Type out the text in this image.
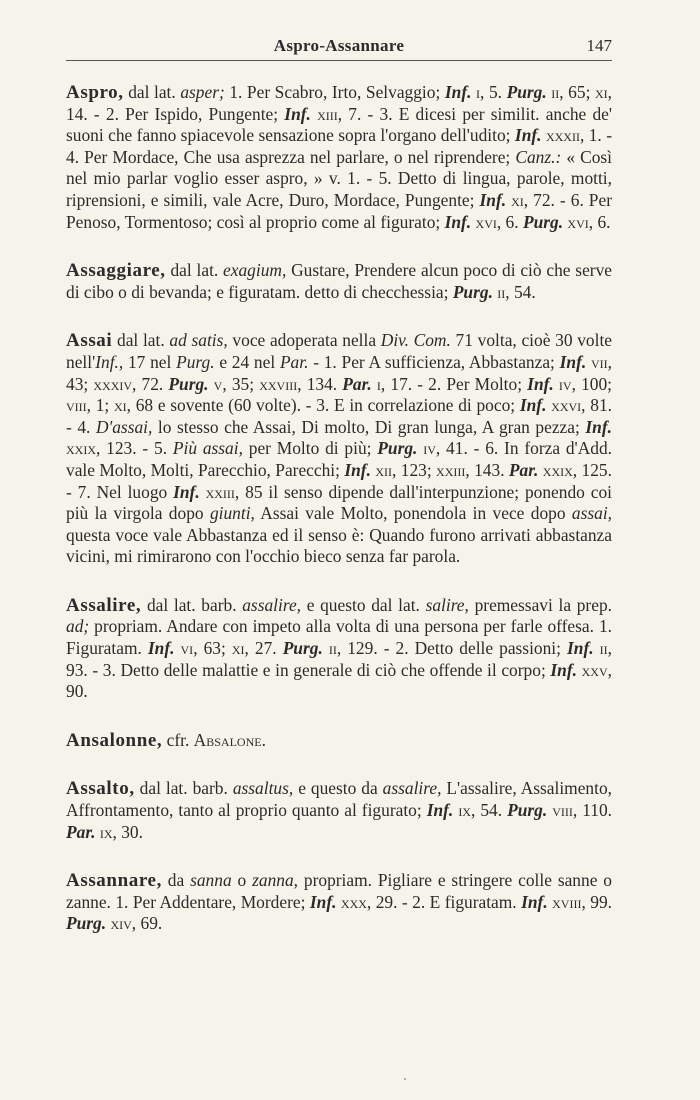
Aspro-Assannare	147

Aspro, dal lat. asper; 1. Per Scabro, Irto, Selvaggio; Inf. i, 5. Purg. ii, 65; xi, 14. - 2. Per Ispido, Pungente; Inf. xiii, 7. - 3. E dicesi per similit. anche de' suoni che fanno spiacevole sensazione sopra l'organo dell'udito; Inf. xxxii, 1. - 4. Per Mordace, Che usa asprezza nel parlare, o nel riprendere; Canz.: « Così nel mio parlar voglio esser aspro, » v. 1. - 5. Detto di lingua, parole, motti, riprensioni, e simili, vale Acre, Duro, Mordace, Pungente; Inf. xi, 72. - 6. Per Penoso, Tormentoso; così al proprio come al figurato; Inf. xvi, 6. Purg. xvi, 6.

Assaggiare, dal lat. exagium, Gustare, Prendere alcun poco di ciò che serve di cibo o di bevanda; e figuratam. detto di checchessia; Purg. ii, 54.

Assai dal lat. ad satis, voce adoperata nella Div. Com. 71 volta, cioè 30 volte nell'Inf., 17 nel Purg. e 24 nel Par. - 1. Per A sufficienza, Abbastanza; Inf. vii, 43; xxxiv, 72. Purg. v, 35; xxviii, 134. Par. i, 17. - 2. Per Molto; Inf. iv, 100; viii, 1; xi, 68 e sovente (60 volte). - 3. E in correlazione di poco; Inf. xxvi, 81. - 4. D'assai, lo stesso che Assai, Di molto, Di gran lunga, A gran pezza; Inf. xxix, 123. - 5. Più assai, per Molto di più; Purg. iv, 41. - 6. In forza d'Add. vale Molto, Molti, Parecchio, Parecchi; Inf. xii, 123; xxiii, 143. Par. xxix, 125. - 7. Nel luogo Inf. xxiii, 85 il senso dipende dall'interpunzione; ponendo coi più la virgola dopo giunti, Assai vale Molto, ponendola in vece dopo assai, questa voce vale Abbastanza ed il senso è: Quando furono arrivati abbastanza vicini, mi rimirarono con l'occhio bieco senza far parola.

Assalire, dal lat. barb. assalire, e questo dal lat. salire, premessavi la prep. ad; propriam. Andare con impeto alla volta di una persona per farle offesa. 1. Figuratam. Inf. vi, 63; xi, 27. Purg. ii, 129. - 2. Detto delle passioni; Inf. ii, 93. - 3. Detto delle malattie e in generale di ciò che offende il corpo; Inf. xxv, 90.

Ansalonne, cfr. Absalone.

Assalto, dal lat. barb. assaltus, e questo da assalire, L'assalire, Assalimento, Affrontamento, tanto al proprio quanto al figurato; Inf. ix, 54. Purg. viii, 110. Par. ix, 30.

Assannare, da sanna o zanna, propriam. Pigliare e stringere colle sanne o zanne. 1. Per Addentare, Mordere; Inf. xxx, 29. - 2. E figuratam. Inf. xviii, 99. Purg. xiv, 69.
